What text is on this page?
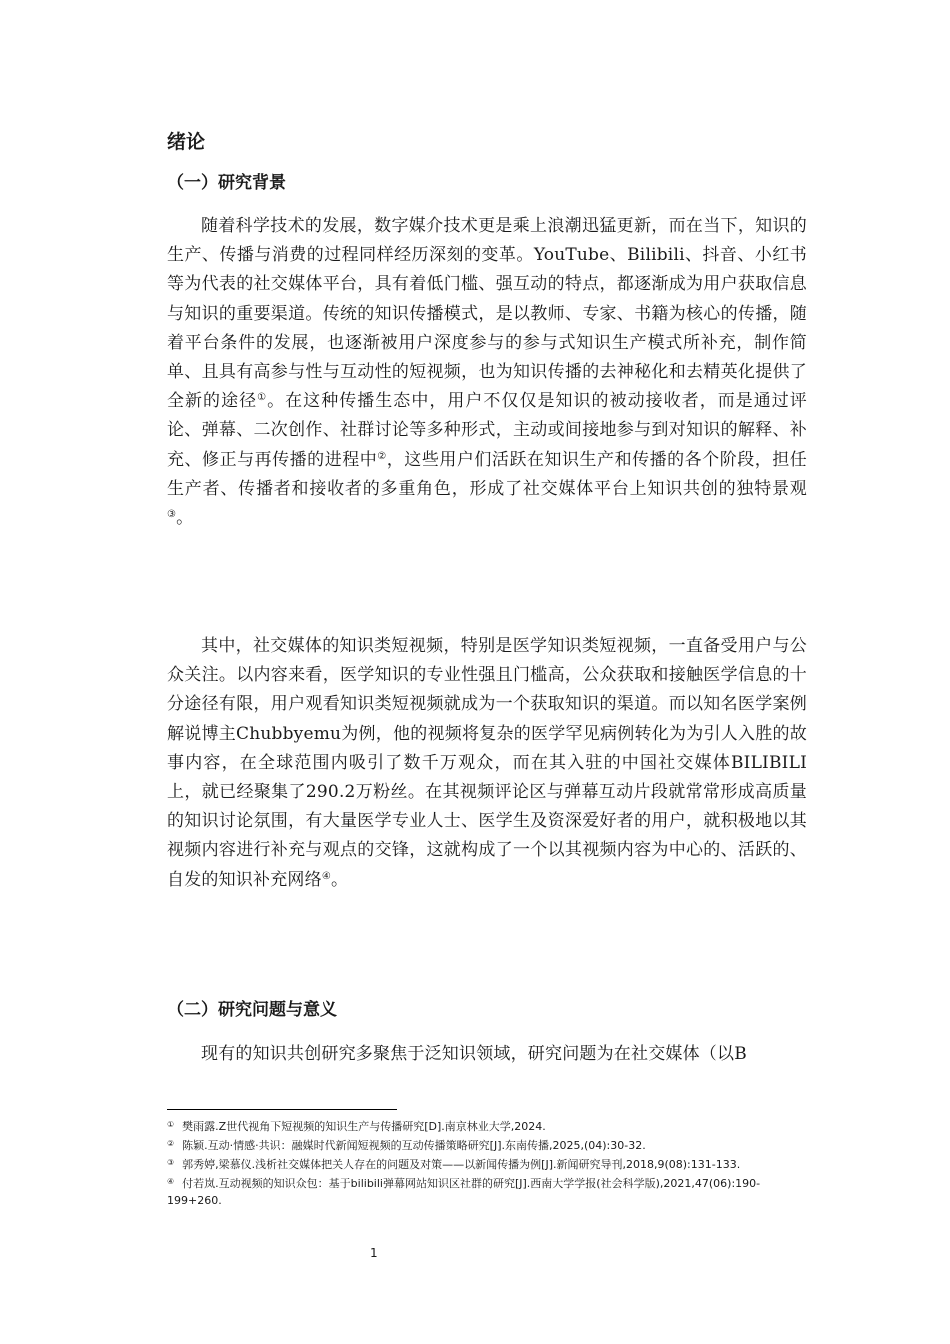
绪论
（一）研究背景

随着科学技术的发展，数字媒介技术更是乘上浪潮迅猛更新，而在当下，知识的生产、传播与消费的过程同样经历深刻的变革。YouTube、Bilibili、抖音、小红书等为代表的社交媒体平台，具有着低门槛、强互动的特点，都逐渐成为用户获取信息与知识的重要渠道。传统的知识传播模式，是以教师、专家、书籍为核心的传播，随着平台条件的发展，也逐渐被用户深度参与的参与式知识生产模式所补充，制作简单、且具有高参与性与互动性的短视频，也为知识传播的去神秘化和去精英化提供了全新的途径①。在这种传播生态中，用户不仅仅是知识的被动接收者，而是通过评论、弹幕、二次创作、社群讨论等多种形式，主动或间接地参与到对知识的解释、补充、修正与再传播的进程中②，这些用户们活跃在知识生产和传播的各个阶段，担任生产者、传播者和接收者的多重角色，形成了社交媒体平台上知识共创的独特景观③。

其中，社交媒体的知识类短视频，特别是医学知识类短视频，一直备受用户与公众关注。以内容来看，医学知识的专业性强且门槛高，公众获取和接触医学信息的十分途径有限，用户观看知识类短视频就成为一个获取知识的渠道。而以知名医学案例解说博主Chubbyemu为例，他的视频将复杂的医学罕见病例转化为为引人入胜的故事内容，在全球范围内吸引了数千万观众，而在其入驻的中国社交媒体BILIBILI上，就已经聚集了290.2万粉丝。在其视频评论区与弹幕互动片段就常常形成高质量的知识讨论氛围，有大量医学专业人士、医学生及资深爱好者的用户，就积极地以其视频内容进行补充与观点的交锋，这就构成了一个以其视频内容为中心的、活跃的、自发的知识补充网络④。

（二）研究问题与意义

现有的知识共创研究多聚焦于泛知识领域，研究问题为在社交媒体（以B

① 樊雨露.Z世代视角下短视频的知识生产与传播研究[D].南京林业大学,2024.

② 陈颖.互动·情感·共识：融媒时代新闻短视频的互动传播策略研究[J].东南传播,2025,(04):30-32.

③ 郭秀婷,梁慕仪.浅析社交媒体把关人存在的问题及对策——以新闻传播为例[J].新闻研究导刊,2018,9(08):131-133.

④ 付若岚.互动视频的知识众包：基于bilibili弹幕网站知识区社群的研究[J].西南大学学报(社会科学版),2021,47(06):190-199+260.

1
